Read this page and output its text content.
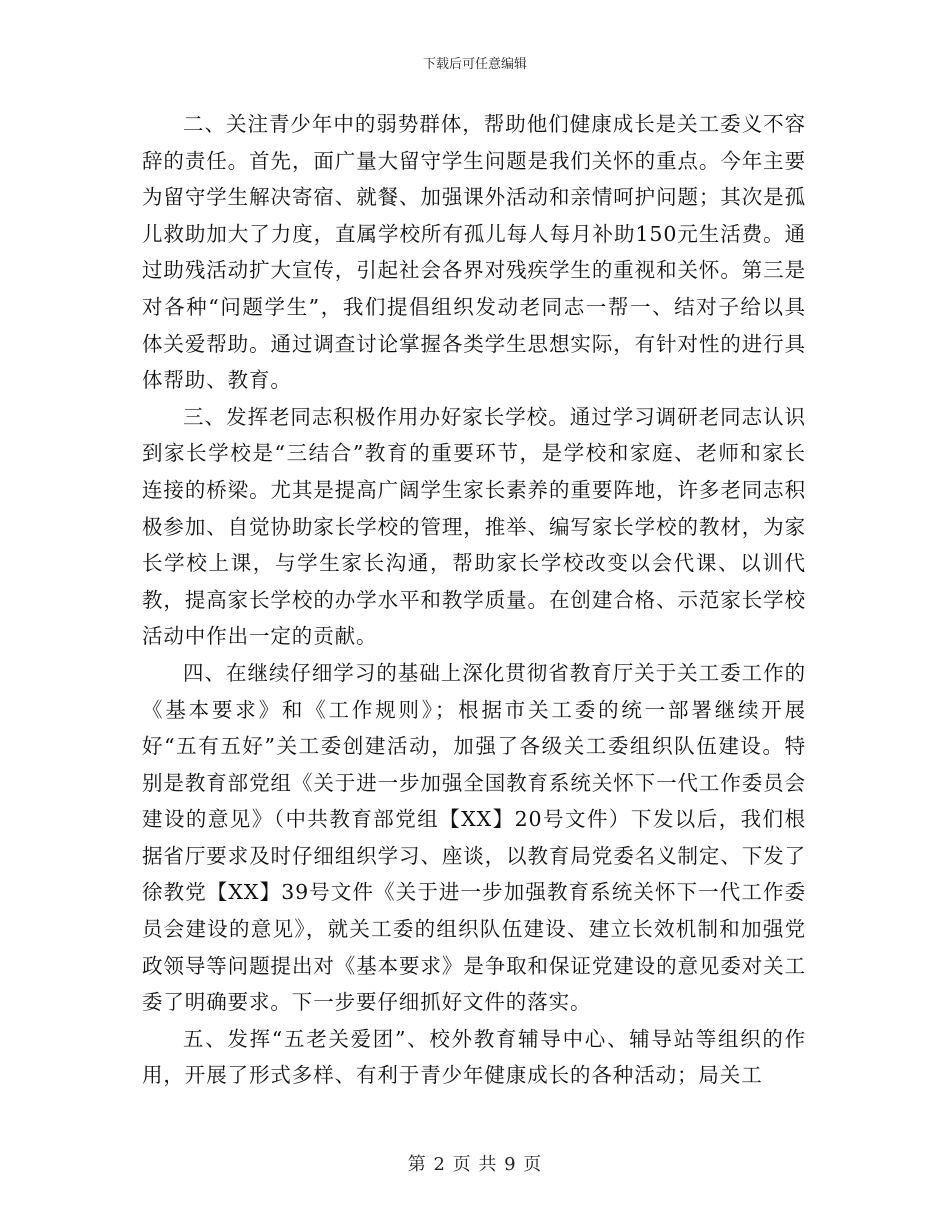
下载后可任意编辑

二、关注青少年中的弱势群体，帮助他们健康成长是关工委义不容辞的责任。首先，面广量大留守学生问题是我们关怀的重点。今年主要为留守学生解决寄宿、就餐、加强课外活动和亲情呵护问题；其次是孤儿救助加大了力度，直属学校所有孤儿每人每月补助150元生活费。通过助残活动扩大宣传，引起社会各界对残疾学生的重视和关怀。第三是对各种“问题学生”，我们提倡组织发动老同志一帮一、结对子给以具体关爱帮助。通过调查讨论掌握各类学生思想实际，有针对性的进行具体帮助、教育。

三、发挥老同志积极作用办好家长学校。通过学习调研老同志认识到家长学校是“三结合”教育的重要环节，是学校和家庭、老师和家长连接的桥梁。尤其是提高广阔学生家长素养的重要阵地，许多老同志积极参加、自觉协助家长学校的管理，推举、编写家长学校的教材，为家长学校上课，与学生家长沟通，帮助家长学校改变以会代课、以训代教，提高家长学校的办学水平和教学质量。在创建合格、示范家长学校活动中作出一定的贡献。

四、在继续仔细学习的基础上深化贯彻省教育厅关于关工委工作的《基本要求》和《工作规则》；根据市关工委的统一部署继续开展好“五有五好”关工委创建活动，加强了各级关工委组织队伍建设。特别是教育部党组《关于进一步加强全国教育系统关怀下一代工作委员会建设的意见》（中共教育部党组【XX】20号文件）下发以后，我们根据省厅要求及时仔细组织学习、座谈，以教育局党委名义制定、下发了徐教党【XX】39号文件《关于进一步加强教育系统关怀下一代工作委员会建设的意见》，就关工委的组织队伍建设、建立长效机制和加强党政领导等问题提出对《基本要求》是争取和保证党建设的意见委对关工委了明确要求。下一步要仔细抓好文件的落实。

五、发挥“五老关爱团”、校外教育辅导中心、辅导站等组织的作用，开展了形式多样、有利于青少年健康成长的各种活动；局关工

第 2 页 共 9 页
